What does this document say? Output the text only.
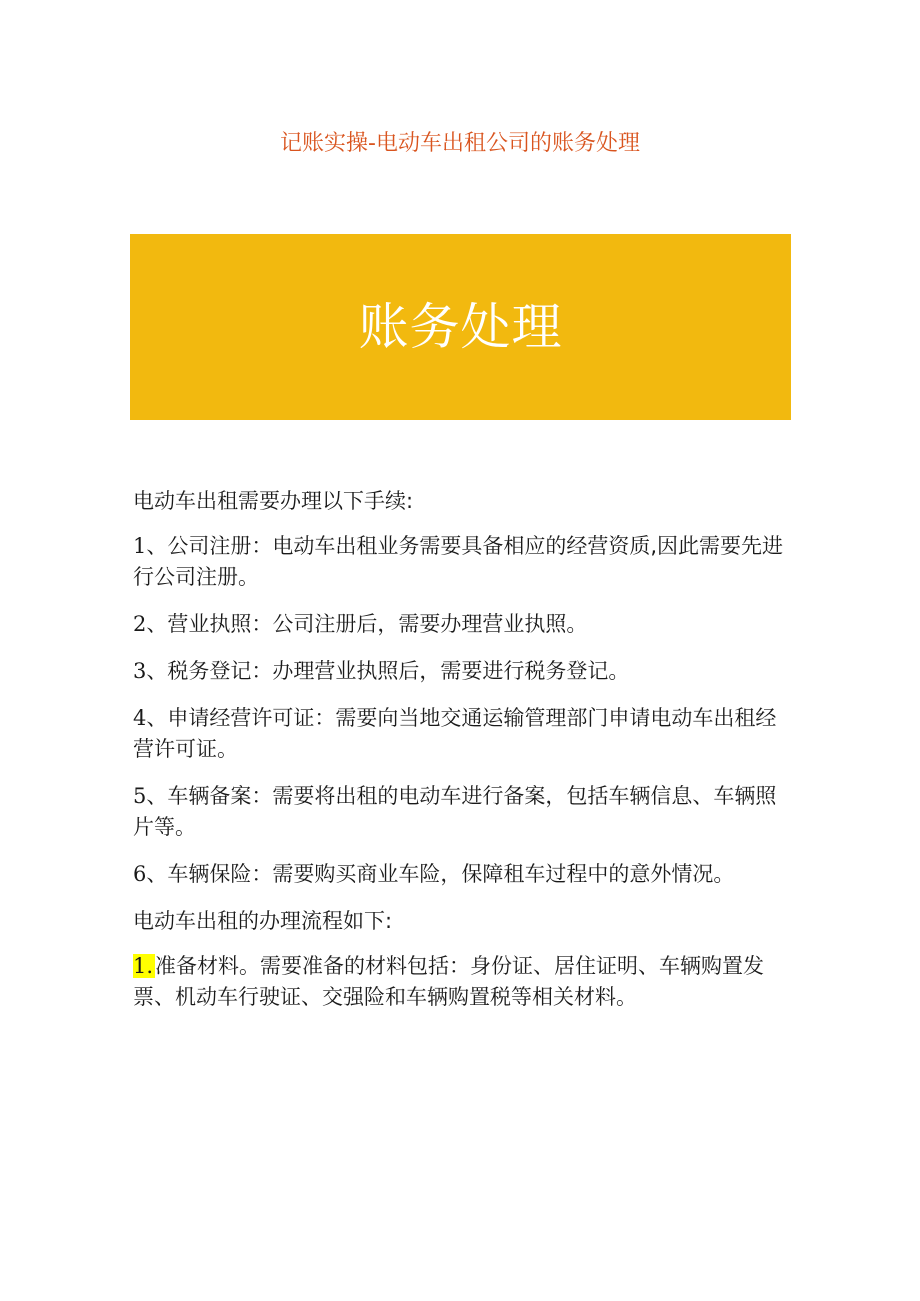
记账实操-电动车出租公司的账务处理
账务处理

电动车出租需要办理以下手续:

1、公司注册：电动车出租业务需要具备相应的经营资质,因此需要先进行公司注册。

2、营业执照：公司注册后，需要办理营业执照。

3、税务登记：办理营业执照后，需要进行税务登记。

4、申请经营许可证：需要向当地交通运输管理部门申请电动车出租经营许可证。

5、车辆备案：需要将出租的电动车进行备案，包括车辆信息、车辆照片等。

6、车辆保险：需要购买商业车险，保障租车过程中的意外情况。

电动车出租的办理流程如下:

1.准备材料。需要准备的材料包括：身份证、居住证明、车辆购置发票、机动车行驶证、交强险和车辆购置税等相关材料。
